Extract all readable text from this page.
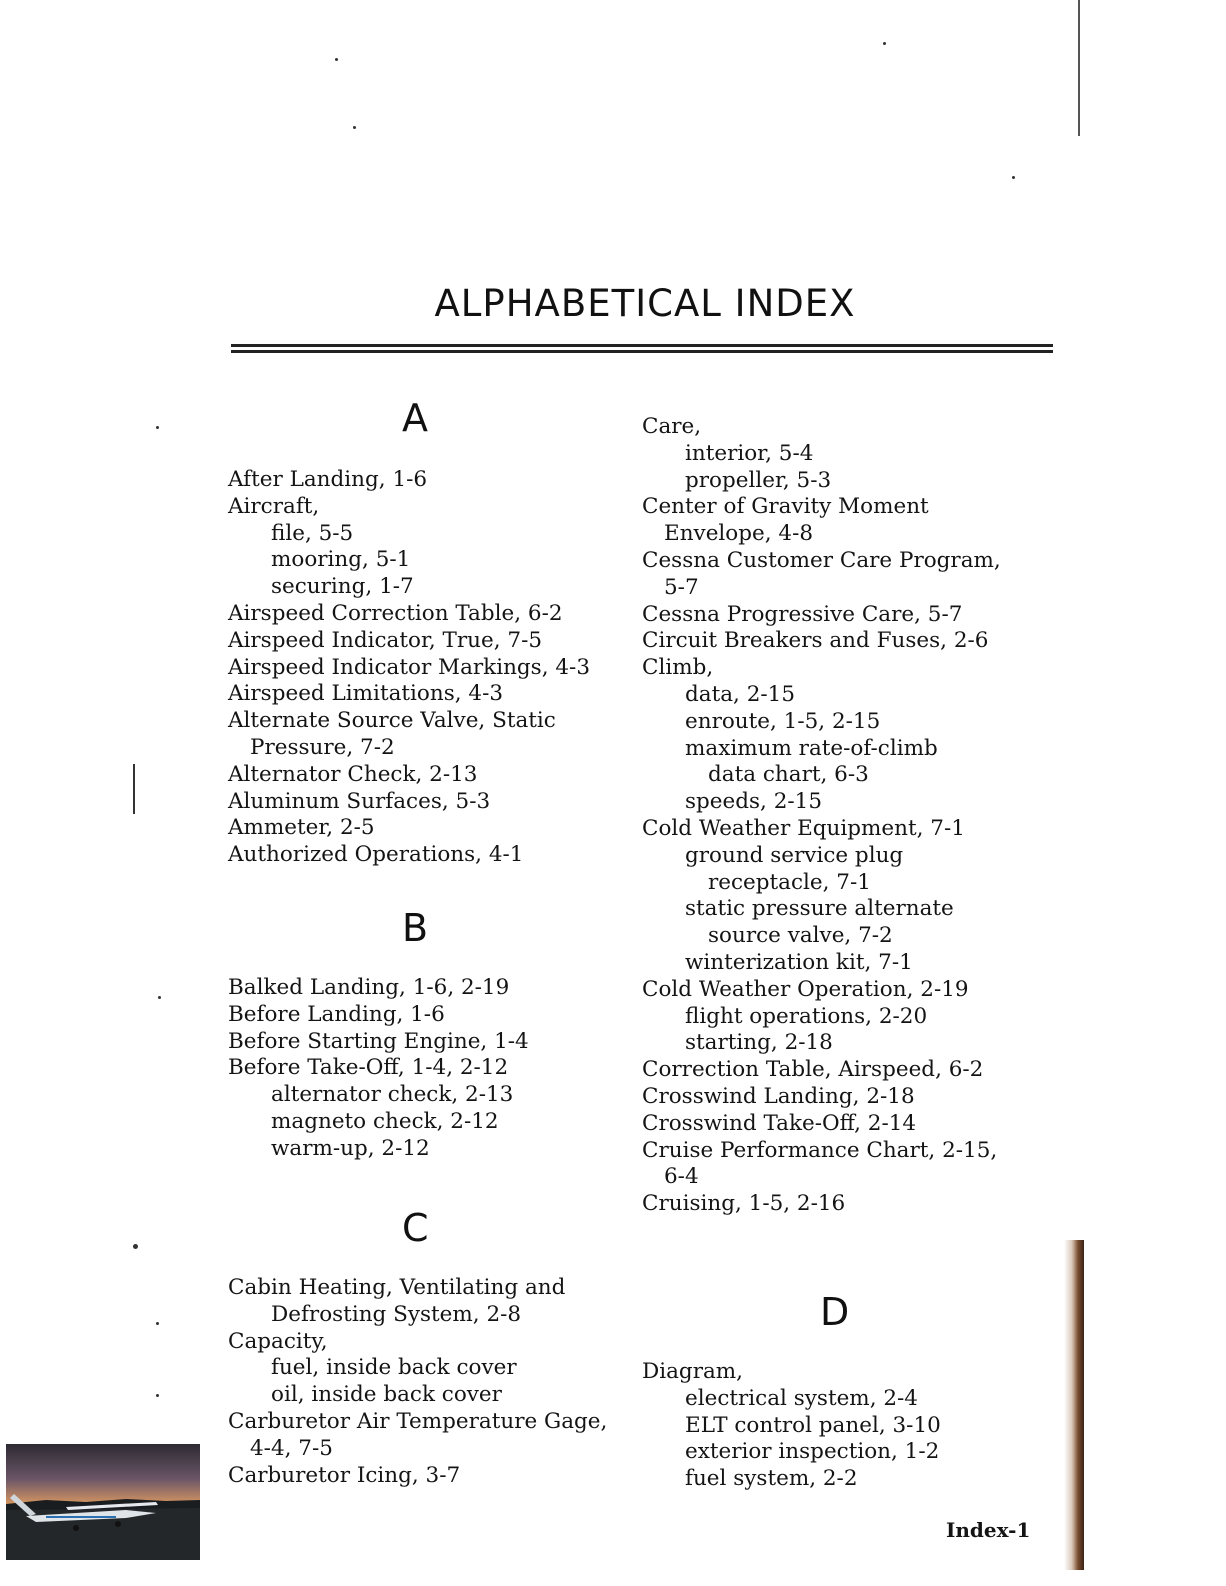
ALPHABETICAL INDEX
A
After Landing, 1-6
Aircraft,
file, 5-5
mooring, 5-1
securing, 1-7
Airspeed Correction Table, 6-2
Airspeed Indicator, True, 7-5
Airspeed Indicator Markings, 4-3
Airspeed Limitations, 4-3
Alternate Source Valve, Static
Pressure, 7-2
Alternator Check, 2-13
Aluminum Surfaces, 5-3
Ammeter, 2-5
Authorized Operations, 4-1
B
Balked Landing, 1-6, 2-19
Before Landing, 1-6
Before Starting Engine, 1-4
Before Take-Off, 1-4, 2-12
alternator check, 2-13
magneto check, 2-12
warm-up, 2-12
C
Cabin Heating, Ventilating and
Defrosting System, 2-8
Capacity,
fuel, inside back cover
oil, inside back cover
Carburetor Air Temperature Gage,
4-4, 7-5
Carburetor Icing, 3-7
Care,
interior, 5-4
propeller, 5-3
Center of Gravity Moment
Envelope, 4-8
Cessna Customer Care Program,
5-7
Cessna Progressive Care, 5-7
Circuit Breakers and Fuses, 2-6
Climb,
data, 2-15
enroute, 1-5, 2-15
maximum rate-of-climb
data chart, 6-3
speeds, 2-15
Cold Weather Equipment, 7-1
ground service plug
receptacle, 7-1
static pressure alternate
source valve, 7-2
winterization kit, 7-1
Cold Weather Operation, 2-19
flight operations, 2-20
starting, 2-18
Correction Table, Airspeed, 6-2
Crosswind Landing, 2-18
Crosswind Take-Off, 2-14
Cruise Performance Chart, 2-15,
6-4
Cruising, 1-5, 2-16
D
Diagram,
electrical system, 2-4
ELT control panel, 3-10
exterior inspection, 1-2
fuel system, 2-2
Index-1
